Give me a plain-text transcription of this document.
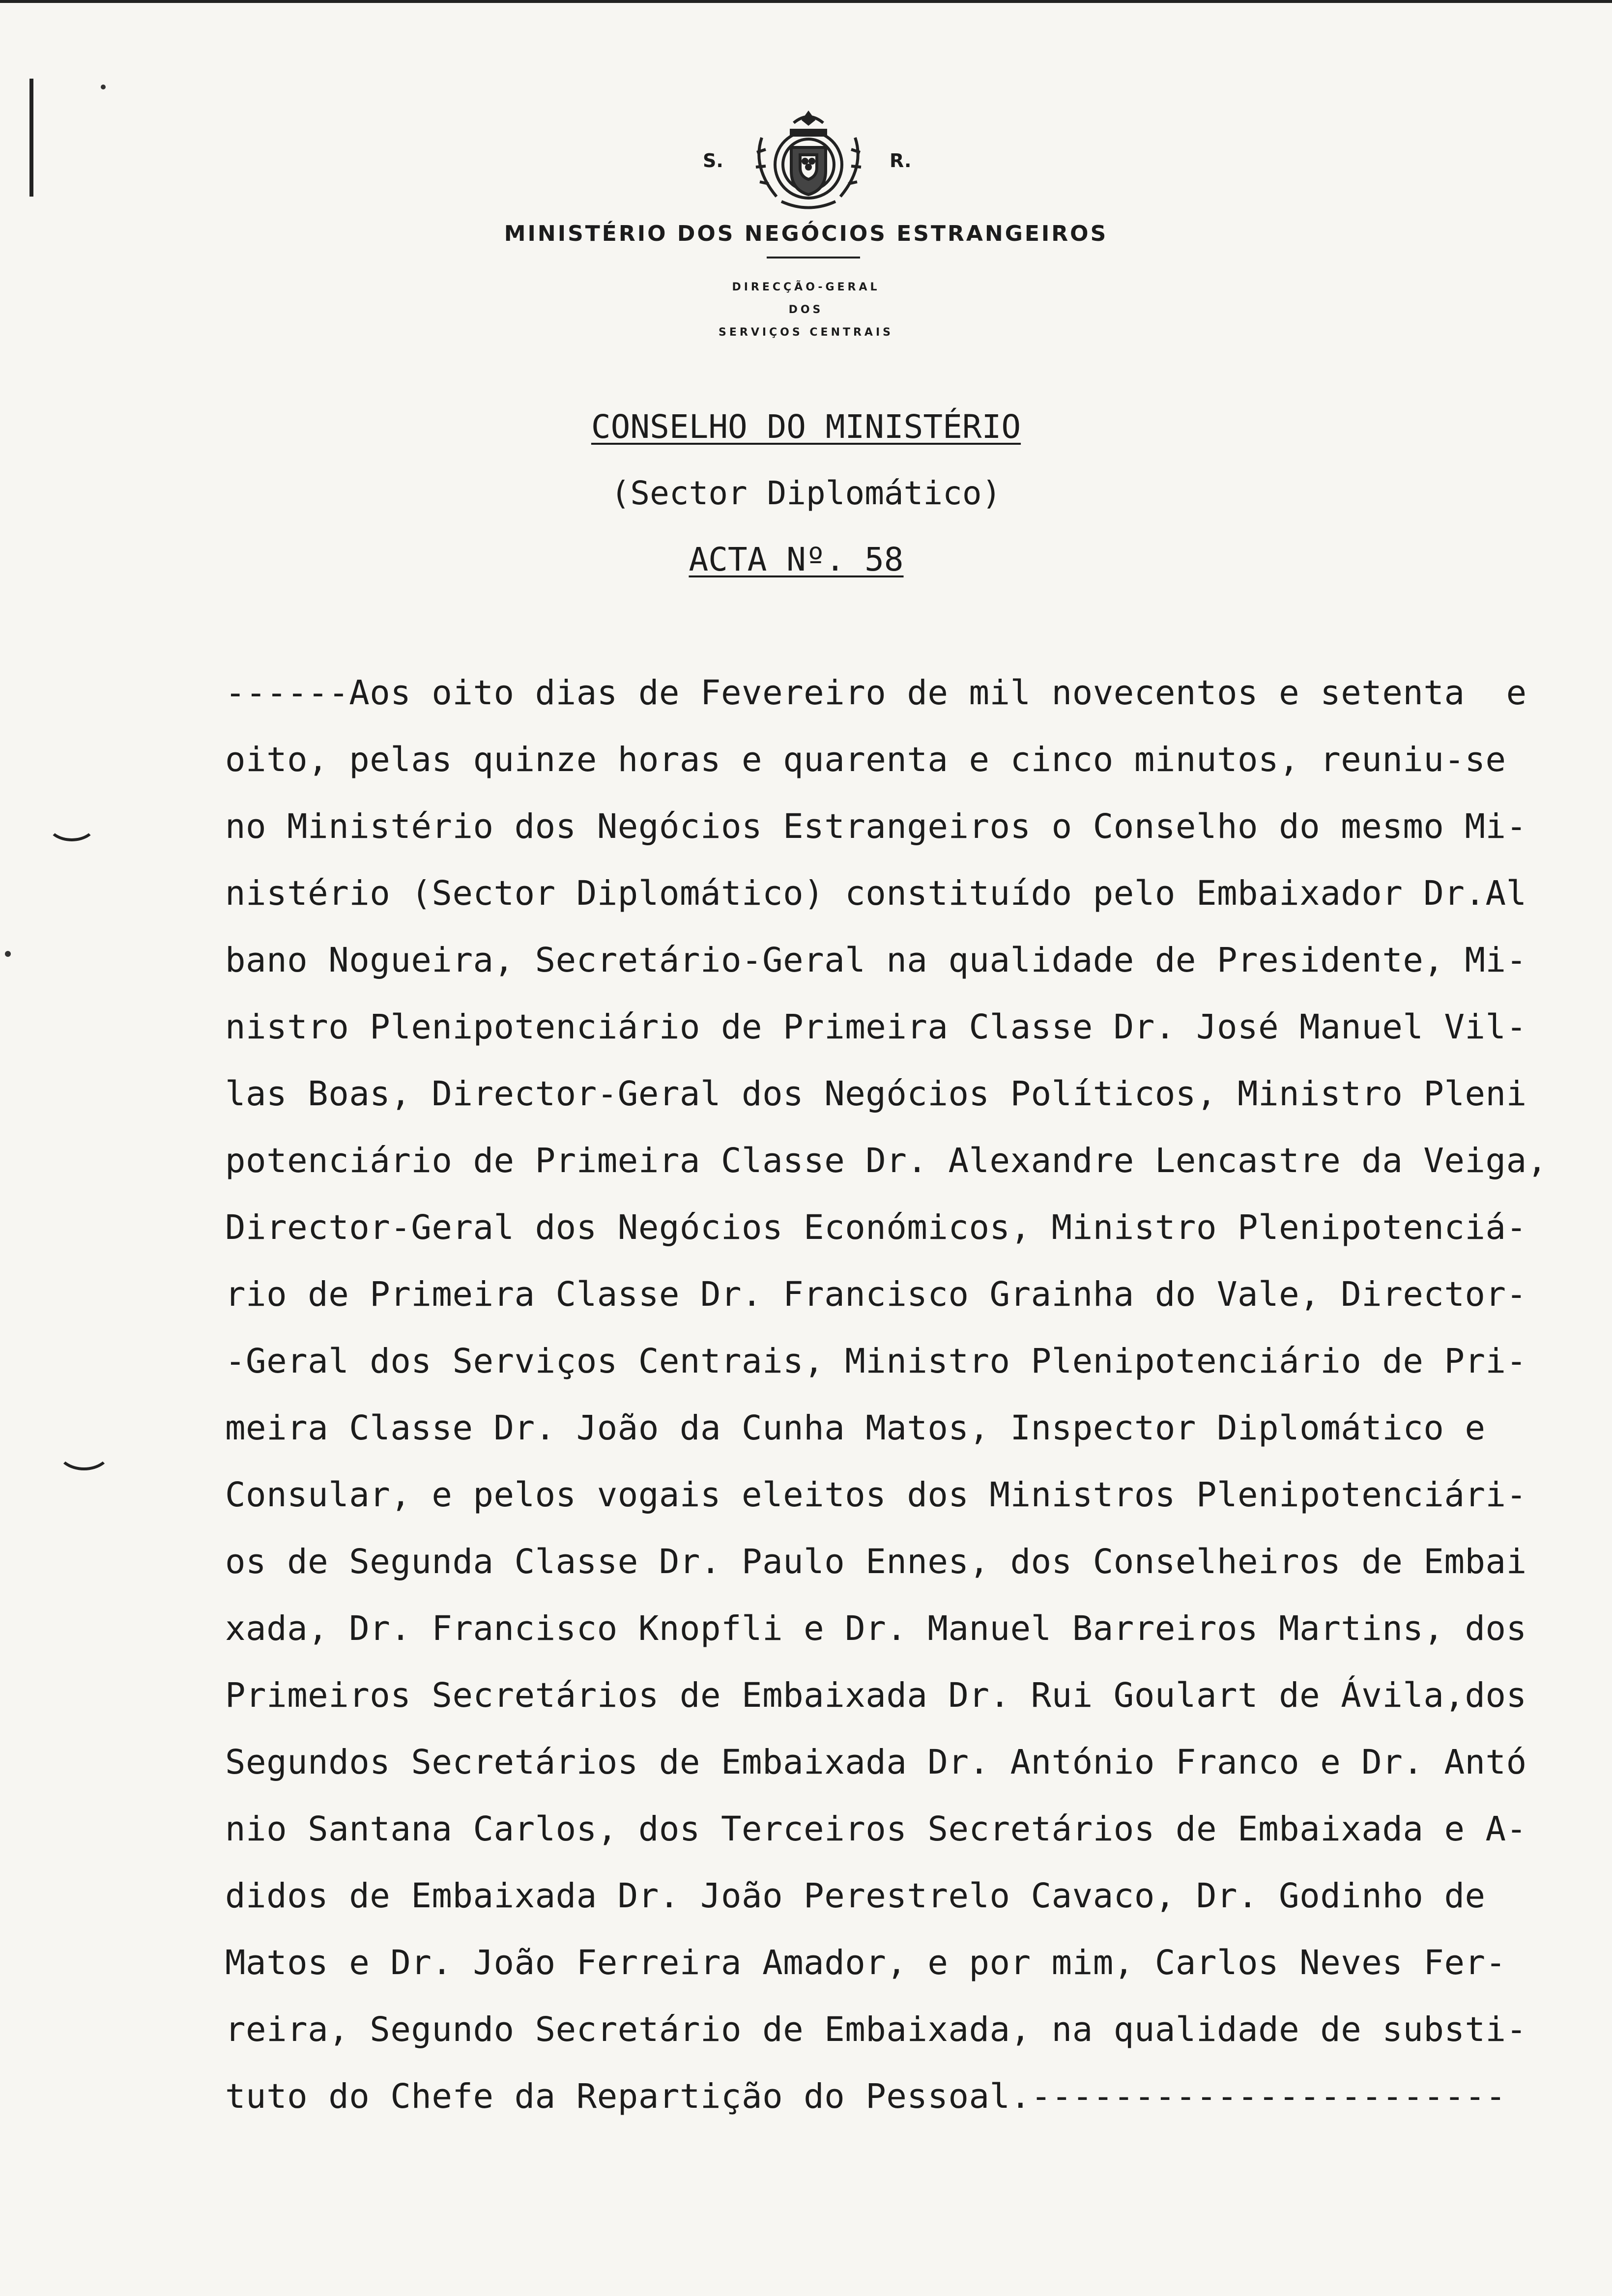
S.	R.
MINISTÉRIO DOS NEGÓCIOS ESTRANGEIROS
DIRECÇÃO-GERAL
DOS
SERVIÇOS CENTRAIS
CONSELHO DO MINISTÉRIO
(Sector Diplomático)
ACTA Nº. 58
------Aos oito dias de Fevereiro de mil novecentos e setenta  e
oito, pelas quinze horas e quarenta e cinco minutos, reuniu-se
no Ministério dos Negócios Estrangeiros o Conselho do mesmo Mi-
nistério (Sector Diplomático) constituído pelo Embaixador Dr.Al
bano Nogueira, Secretário-Geral na qualidade de Presidente, Mi-
nistro Plenipotenciário de Primeira Classe Dr. José Manuel Vil-
las Boas, Director-Geral dos Negócios Políticos, Ministro Pleni
potenciário de Primeira Classe Dr. Alexandre Lencastre da Veiga,
Director-Geral dos Negócios Económicos, Ministro Plenipotenciá-
rio de Primeira Classe Dr. Francisco Grainha do Vale, Director-
-Geral dos Serviços Centrais, Ministro Plenipotenciário de Pri-
meira Classe Dr. João da Cunha Matos, Inspector Diplomático e
Consular, e pelos vogais eleitos dos Ministros Plenipotenciári-
os de Segunda Classe Dr. Paulo Ennes, dos Conselheiros de Embai
xada, Dr. Francisco Knopfli e Dr. Manuel Barreiros Martins, dos
Primeiros Secretários de Embaixada Dr. Rui Goulart de Ávila,dos
Segundos Secretários de Embaixada Dr. António Franco e Dr. Antó
nio Santana Carlos, dos Terceiros Secretários de Embaixada e A-
didos de Embaixada Dr. João Perestrelo Cavaco, Dr. Godinho de
Matos e Dr. João Ferreira Amador, e por mim, Carlos Neves Fer-
reira, Segundo Secretário de Embaixada, na qualidade de substi-
tuto do Chefe da Repartição do Pessoal.-----------------------
